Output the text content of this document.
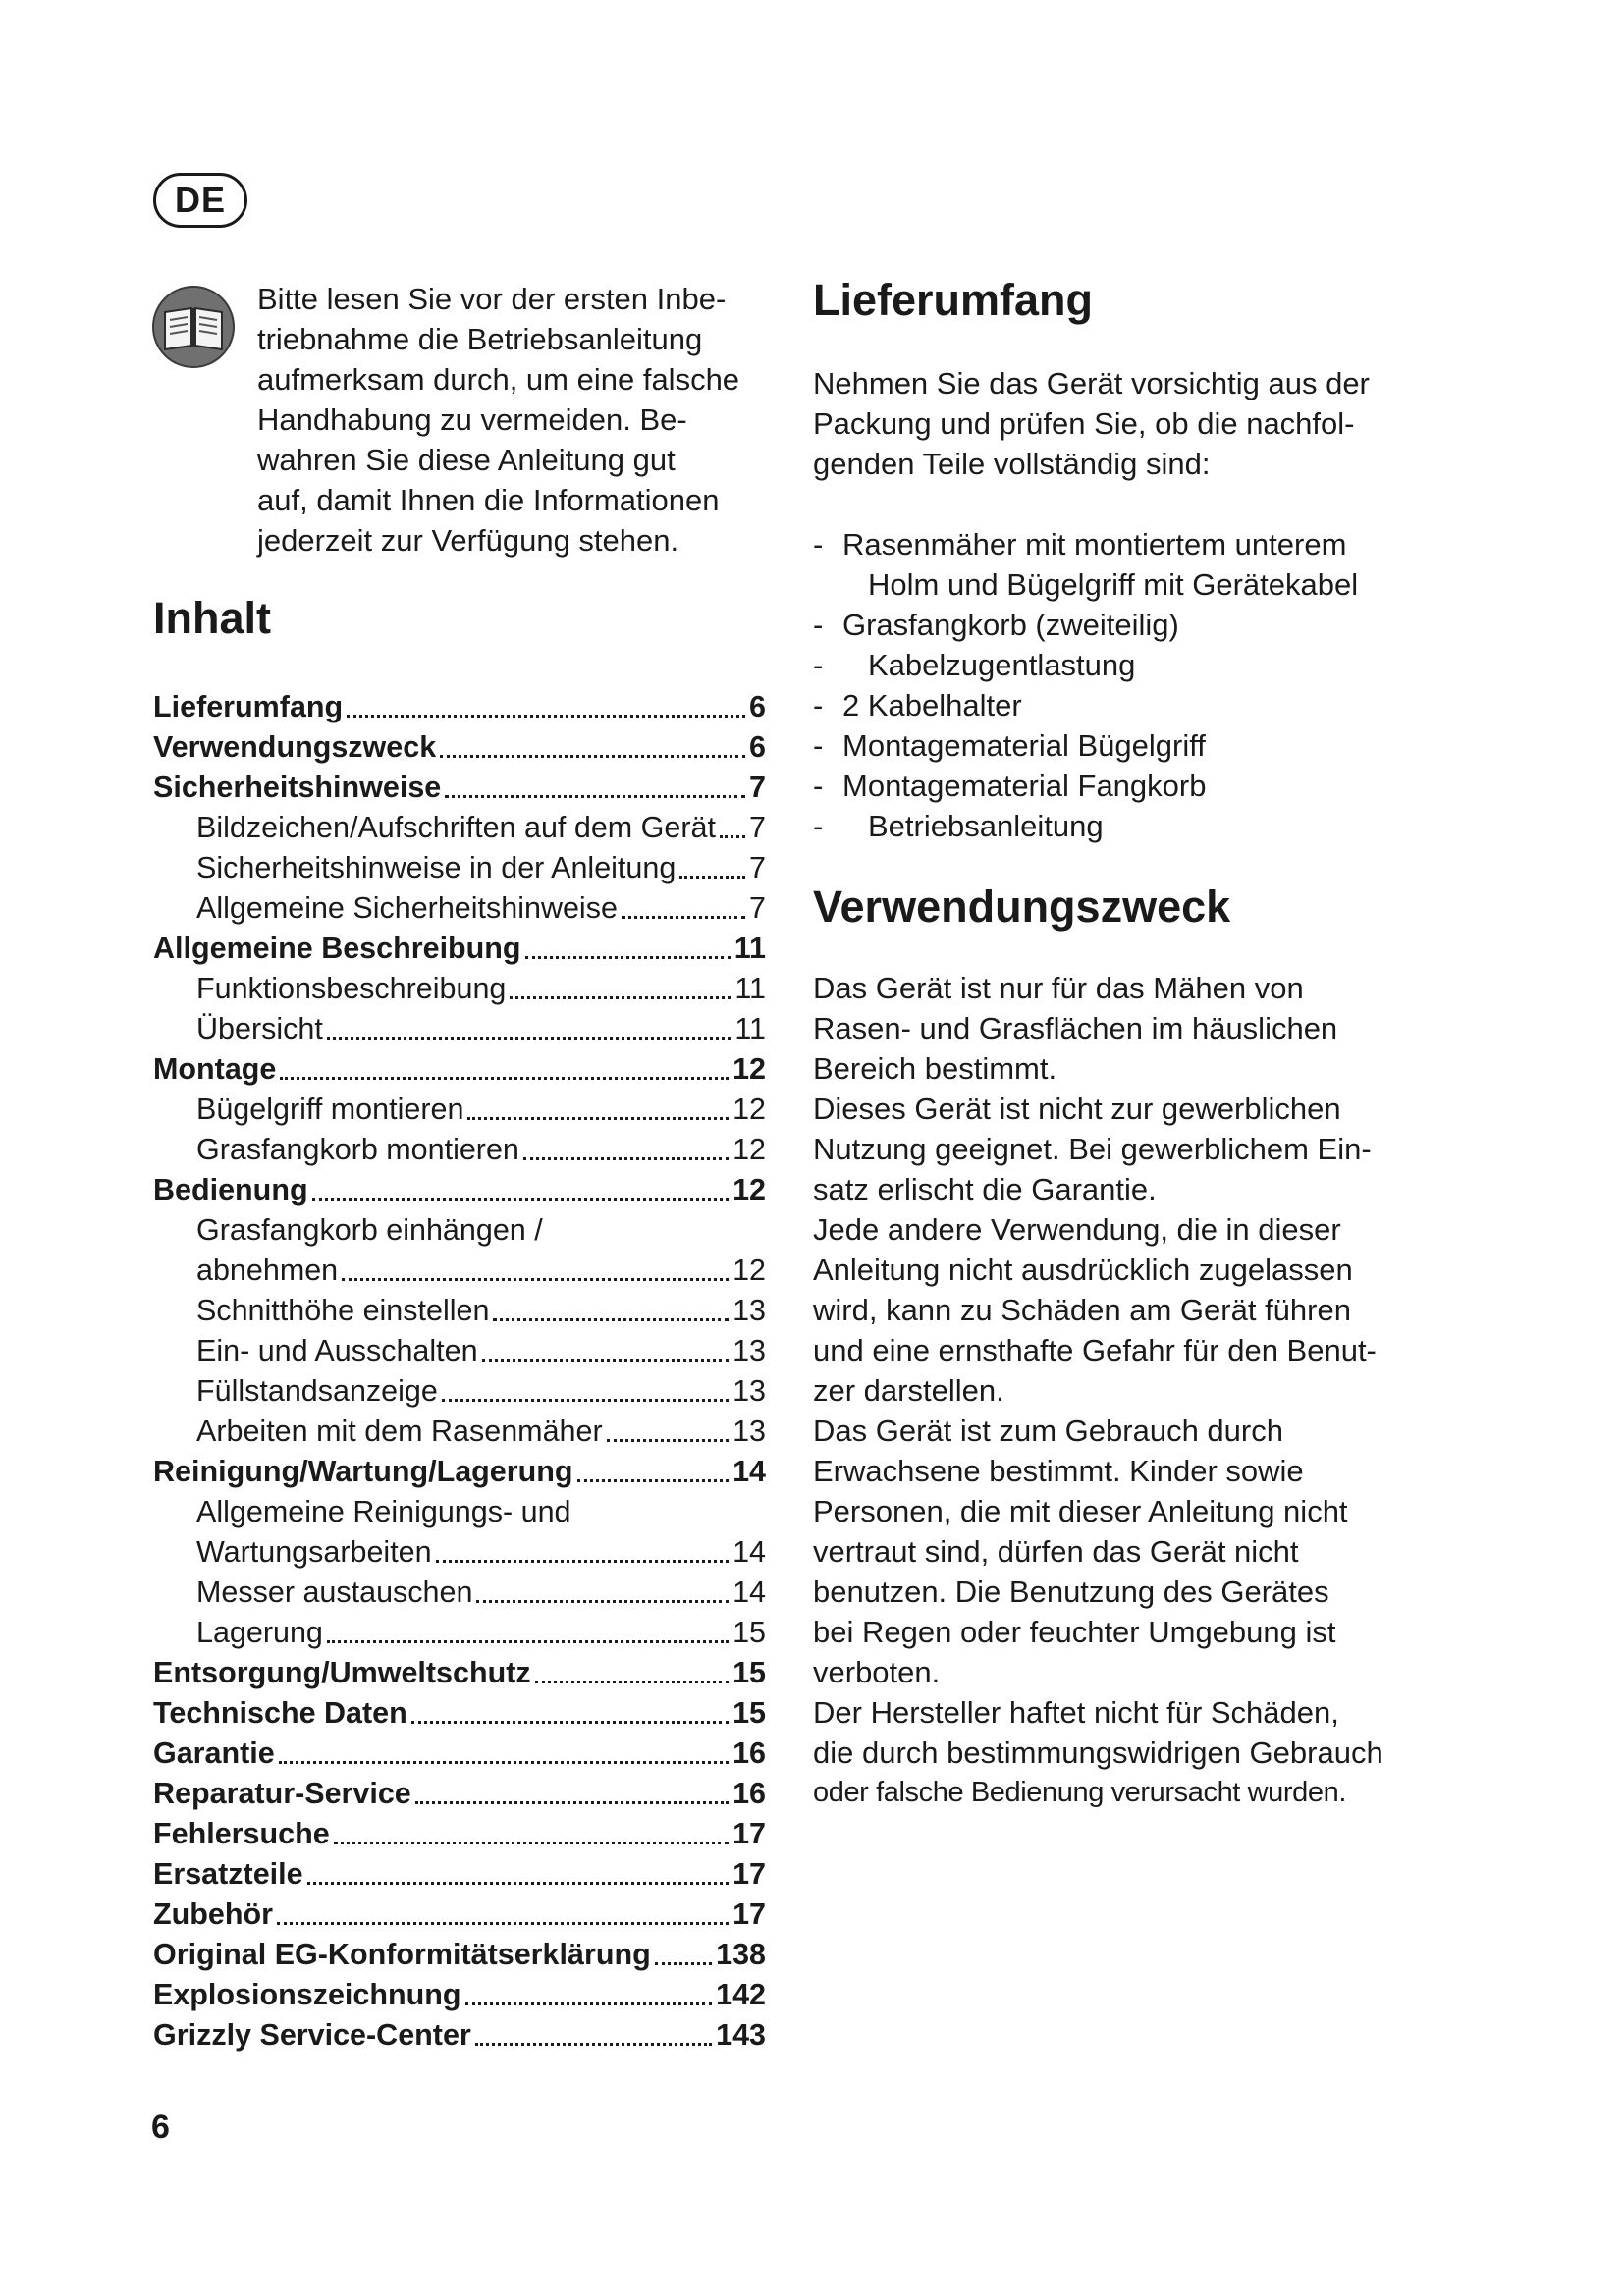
DE
Bitte lesen Sie vor der ersten Inbe-
triebnahme die Betriebsanleitung
aufmerksam durch, um eine falsche
Handhabung zu vermeiden. Be-
wahren Sie diese Anleitung gut
auf, damit Ihnen die Informationen
jederzeit zur Verfügung stehen.
Inhalt
Lieferumfang	6
Verwendungszweck	6
Sicherheitshinweise	7
Bildzeichen/Aufschriften auf dem Gerät 7
Sicherheitshinweise in der Anleitung 7
Allgemeine Sicherheitshinweise	7
Allgemeine Beschreibung	11
Funktionsbeschreibung	11
Übersicht	11
Montage	12
Bügelgriff montieren	12
Grasfangkorb montieren	12
Bedienung	12
Grasfangkorb einhängen /
abnehmen	12
Schnitthöhe einstellen	13
Ein- und Ausschalten	13
Füllstandsanzeige	13
Arbeiten mit dem Rasenmäher	13
Reinigung/Wartung/Lagerung	14
Allgemeine Reinigungs- und
Wartungsarbeiten	14
Messer austauschen	14
Lagerung	15
Entsorgung/Umweltschutz	15
Technische Daten	15
Garantie	16
Reparatur-Service	16
Fehlersuche	17
Ersatzteile	17
Zubehör	17
Original EG-Konformitätserklärung 138
Explosionszeichnung	142
Grizzly Service-Center	143
Lieferumfang
Nehmen Sie das Gerät vorsichtig aus der
Packung und prüfen Sie, ob die nachfol-
genden Teile vollständig sind:
- Rasenmäher mit montiertem unterem
Holm und Bügelgriff mit Gerätekabel
- Grasfangkorb (zweiteilig)
-	Kabelzugentlastung
- 2 Kabelhalter
- Montagematerial Bügelgriff
- Montagematerial Fangkorb
-	Betriebsanleitung
Verwendungszweck
Das Gerät ist nur für das Mähen von
Rasen- und Grasflächen im häuslichen
Bereich bestimmt.
Dieses Gerät ist nicht zur gewerblichen
Nutzung geeignet. Bei gewerblichem Ein-
satz erlischt die Garantie.
Jede andere Verwendung, die in dieser
Anleitung nicht ausdrücklich zugelassen
wird, kann zu Schäden am Gerät führen
und eine ernsthafte Gefahr für den Benut-
zer darstellen.
Das Gerät ist zum Gebrauch durch
Erwachsene bestimmt. Kinder sowie
Personen, die mit dieser Anleitung nicht
vertraut sind, dürfen das Gerät nicht
benutzen. Die Benutzung des Gerätes
bei Regen oder feuchter Umgebung ist
verboten.
Der Hersteller haftet nicht für Schäden,
die durch bestimmungswidrigen Gebrauch
oder falsche Bedienung verursacht wurden.
6
